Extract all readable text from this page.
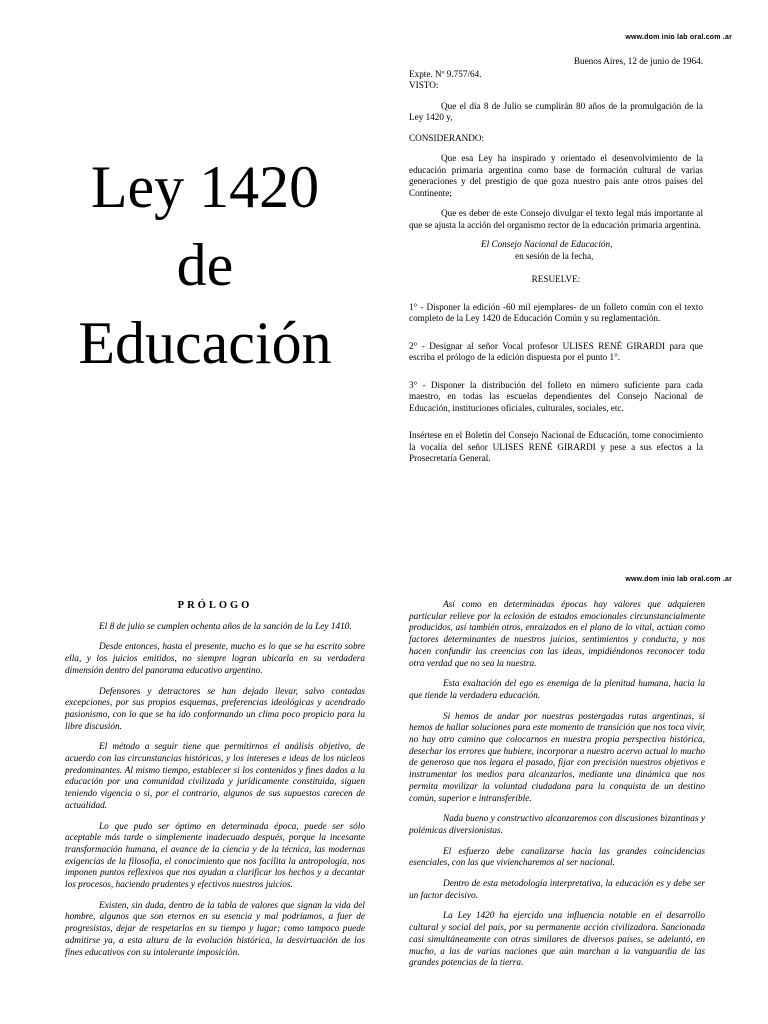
www.dom inio lab oral.com .ar
Ley 1420
de
Educación

Buenos Aires, 12 de junio de 1964.

Expte. Nº 9.757/64.

VISTO:

Que el día 8 de Julio se cumplirán 80 años de la promulgación de la Ley 1420 y,

CONSIDERANDO:

Que esa Ley ha inspirado y orientado el desenvolvimiento de la educación primaria argentina como base de formación cultural de varias generaciones y del prestigio de que goza nuestro país ante otros países del Continente;

Que es deber de este Consejo divulgar el texto legal más importante al que se ajusta la acción del organismo rector de la educación primaria argentina.

El Consejo Nacional de Educación,

en sesión de la fecha,

RESUELVE:

1° - Disponer la edición -60 mil ejemplares- de un folleto común con el texto completo de la Ley 1420 de Educación Común y su reglamentación.

2° - Designar al señor Vocal profesor ULISES RENÉ GIRARDI para que escriba el prólogo de la edición dispuesta por el punto 1°.

3° - Disponer la distribución del folleto en número suficiente para cada maestro, en todas las escuelas dependientes del Consejo Nacional de Educación, instituciones oficiales, culturales, sociales, etc.

Insértese en el Boletín del Consejo Nacional de Educación, tome conocimiento la vocalía del señor ULISES RENÉ GIRARDI y pese a sus efectos a la Prosecretaría General.

www.dom inio lab oral.com .ar
PRÓLOGO

El 8 de julio se cumplen ochenta años de la sanción de la Ley 1410.

Desde entonces, hasta el presente, mucho es lo que se ha escrito sobre ella, y los juicios emitidos, no siempre logran ubicarla en su verdadera dimensión dentro del panorama educativo argentino.

Defensores y detractores se han dejado llevar, salvo contadas excepciones, por sus propios esquemas, preferencias ideológicas y acendrado pasionismo, con lo que se ha ido conformando un clima poco propicio para la libre discusión.

El método a seguir tiene que permitirnos el análisis objetivo, de acuerdo con las circunstancias históricas, y los intereses e ideas de los núcleos predominantes. Al mismo tiempo, establecer si los contenidos y fines dados a la educación por una comunidad civilizada y jurídicamente constituida, siguen teniendo vigencia o si, por el contrario, algunos de sus supuestos carecen de actualidad.

Lo que pudo ser óptimo en determinada época, puede ser sólo aceptable más tarde o simplemente inadecuado después, porque la incesante transformación humana, el avance de la ciencia y de la técnica, las modernas exigencias de la filosofía, el conocimiento que nos facilita la antropología, nos imponen puntos reflexivos que nos ayudan a clarificar los hechos y a decantar los procesos, haciendo prudentes y efectivos nuestros juicios.

Existen, sin duda, dentro de la tabla de valores que signan la vida del hombre, algunos que son eternos en su esencia y mal podríamos, a fuer de progresistas, dejar de respetarlos en su tiempo y lugar; como tampoco puede admitirse ya, a esta altura de la evolución histórica, la desvirtuación de los fines educativos con su intolerante imposición.

Así como en determinadas épocas hay valores que adquieren particular relieve por la eclosión de estados emocionales circunstancialmente producidos, así también otros, enraizados en el plano de lo vital, actúan como factores determinantes de nuestros juicios, sentimientos y conducta, y nos hacen confundir las creencias con las ideas, impidiéndonos reconocer toda otra verdad que no sea la nuestra.

Esta exaltación del ego es enemiga de la plenitud humana, hacia la que tiende la verdadera educación.

Si hemos de andar por nuestras postergadas rutas argentinas, si hemos de hallar soluciones para este momento de transición que nos toca vivir, no hay otro camino que colocarnos en nuestra propia perspectiva histórica, desechar los errores que hubiere, incorporar a nuestro acervo actual lo mucho de generoso que nos legara el pasado, fijar con precisión nuestros objetivos e instrumentar los medios para alcanzarlos, mediante una dinámica que nos permita movilizar la voluntad ciudadana para la conquista de un destino común, superior e intransferible.

Nada bueno y constructivo alcanzaremos con discusiones bizantinas y polémicas diversionistas.

El esfuerzo debe canalizarse hacia las grandes coincidencias esenciales, con las que viviencharemos al ser nacional.

Dentro de esta metodología interpretativa, la educación es y debe ser un factor decisivo.

La Ley 1420 ha ejercido una influencia notable en el desarrollo cultural y social del país, por su permanente acción civilizadora. Sancionada casi simultáneamente con otras similares de diversos países, se adelantó, en mucho, a las de varias naciones que aún marchan a la vanguardia de las grandes potencias de la tierra.
